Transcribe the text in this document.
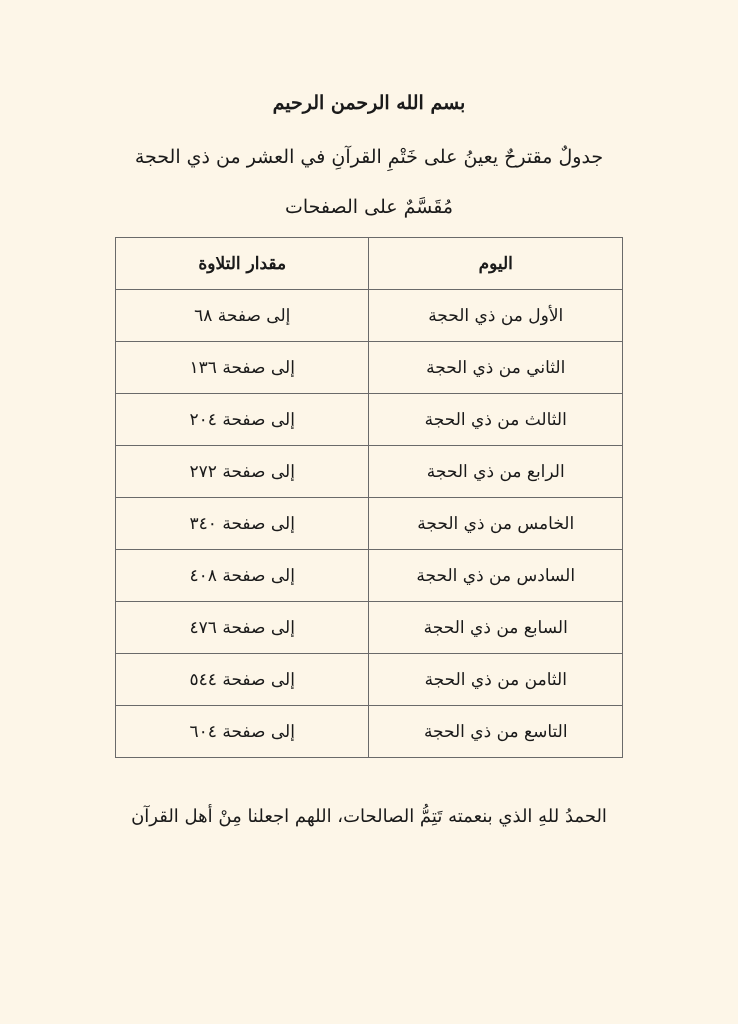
بسم الله الرحمن الرحيم
جدولٌ مقترحٌ يعينُ على خَتْمِ القرآنِ في العشر من ذي الحجة
مُقَسَّمٌ على الصفحات
اليوم	مقدار التلاوة
الأول من ذي الحجة	إلى صفحة ٦٨
الثاني من ذي الحجة	إلى صفحة ١٣٦
الثالث من ذي الحجة	إلى صفحة ٢٠٤
الرابع من ذي الحجة	إلى صفحة ٢٧٢
الخامس من ذي الحجة	إلى صفحة ٣٤٠
السادس من ذي الحجة	إلى صفحة ٤٠٨
السابع من ذي الحجة	إلى صفحة ٤٧٦
الثامن من ذي الحجة	إلى صفحة ٥٤٤
التاسع من ذي الحجة	إلى صفحة ٦٠٤
الحمدُ للهِ الذي بنعمته تَتِمُّ الصالحات، اللهم اجعلنا مِنْ أهل القرآن
